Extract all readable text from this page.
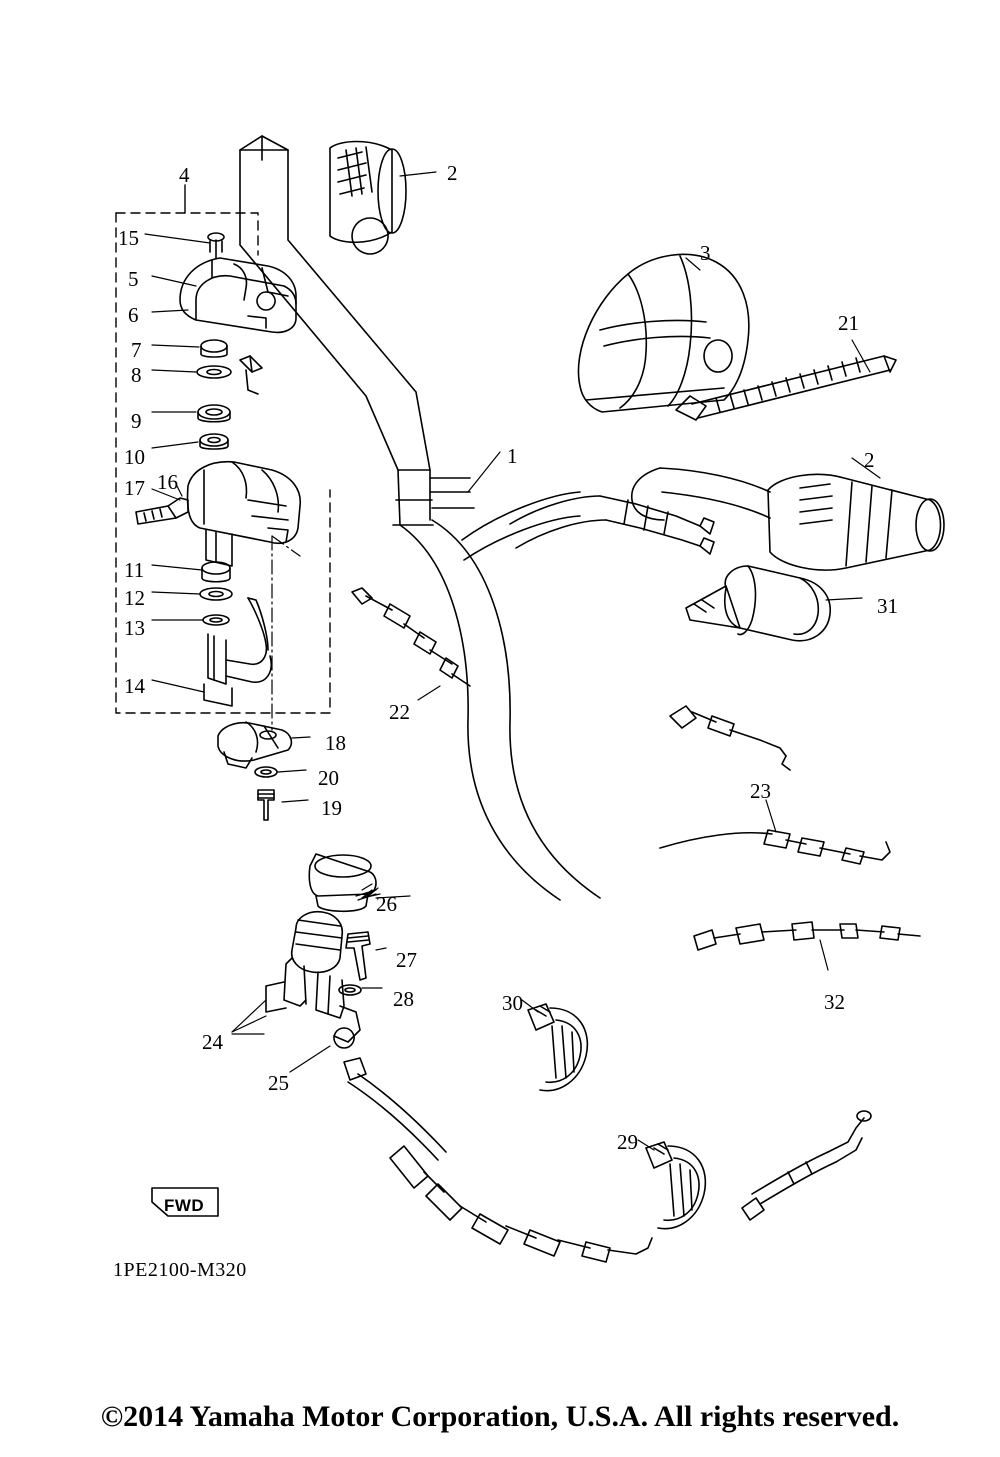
4	2
15
3
5
6	21
7
8
9
10	1	2
17 16
31
11
12
13
14
22
18
23
20
19
26
27
32
28	30
24
25
29
FWD
1PE2100-M320
©2014 Yamaha Motor Corporation, U.S.A. All rights reserved.
